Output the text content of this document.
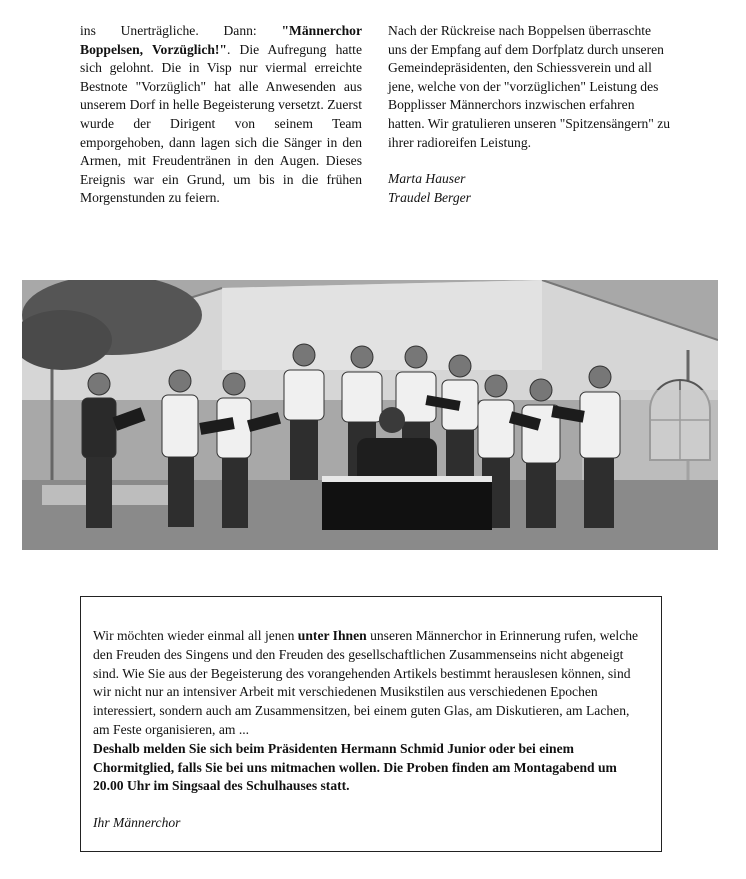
ins Unerträgliche. Dann: "Männerchor Boppelsen, Vorzüglich!". Die Aufregung hatte sich gelohnt. Die in Visp nur viermal erreichte Bestnote "Vorzüglich" hat alle Anwesenden aus unserem Dorf in helle Begeisterung versetzt. Zuerst wurde der Dirigent von seinem Team emporgehoben, dann lagen sich die Sänger in den Armen, mit Freudentränen in den Augen. Dieses Ereignis war ein Grund, um bis in die frühen Morgenstunden zu feiern.

Nach der Rückreise nach Boppelsen überraschte uns der Empfang auf dem Dorfplatz durch unseren Gemeindepräsidenten, den Schiessverein und all jene, welche von der "vorzüglichen" Leistung des Bopplisser Männerchors inzwischen erfahren hatten. Wir gratulieren unseren "Spitzensängern" zu ihrer radioreifen Leistung.

Marta Hauser
Traudel Berger

Wir möchten wieder einmal all jenen unter Ihnen unseren Männerchor in Erinnerung rufen, welche den Freuden des Singens und den Freuden des gesellschaftlichen Zusammenseins nicht abgeneigt sind. Wie Sie aus der Begeisterung des vorangehenden Artikels bestimmt herauslesen können, sind wir nicht nur an intensiver Arbeit mit verschiedenen Musikstilen aus verschiedenen Epochen interessiert, sondern auch am Zusammensitzen, bei einem guten Glas, am Diskutieren, am Lachen, am Feste organisieren, am ...
Deshalb melden Sie sich beim Präsidenten Hermann Schmid Junior oder bei einem Chormitglied, falls Sie bei uns mitmachen wollen. Die Proben finden am Montagabend um 20.00 Uhr im Singsaal des Schulhauses statt.

Ihr Männerchor
